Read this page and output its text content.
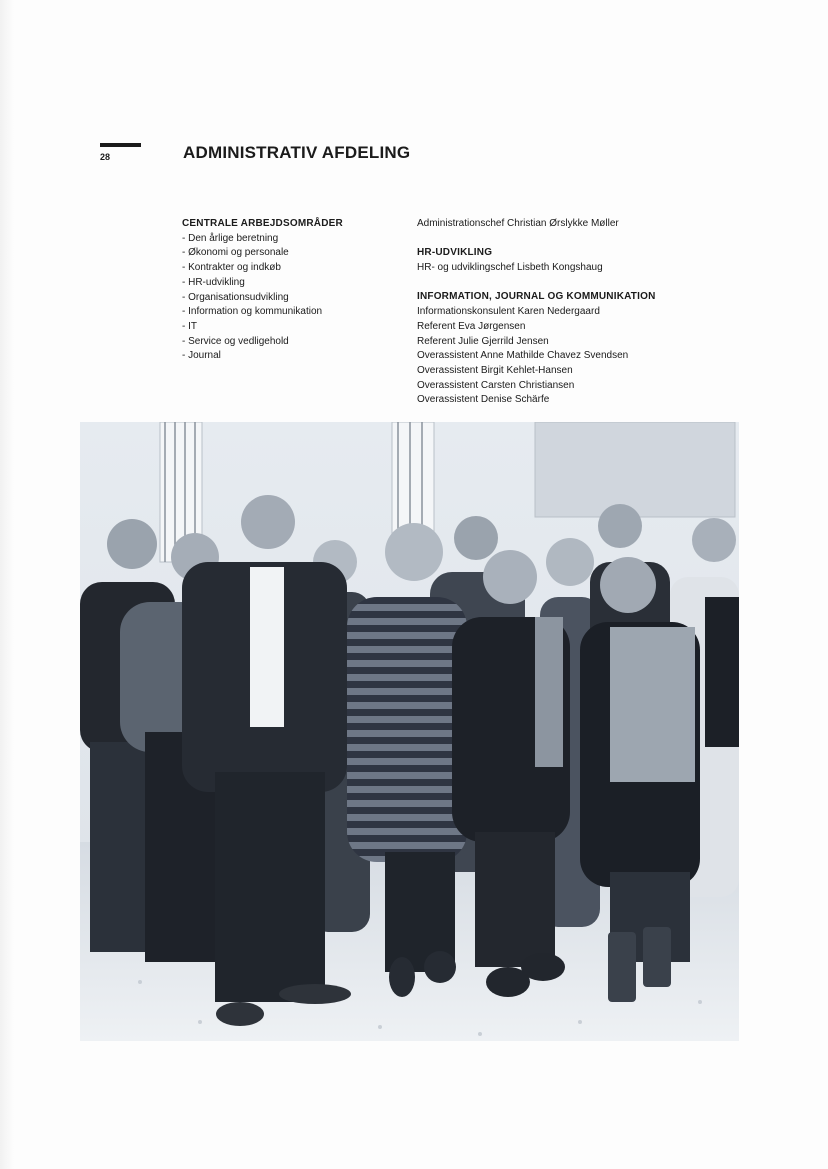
28	ADMINISTRATIV AFDELING
CENTRALE ARBEJDSOMRÅDER
- Den årlige beretning
- Økonomi og personale
- Kontrakter og indkøb
- HR-udvikling
- Organisationsudvikling
- Information og kommunikation
- IT
- Service og vedligehold
- Journal
Administrationschef Christian Ørslykke Møller
HR-UDVIKLING
HR- og udviklingschef Lisbeth Kongshaug
INFORMATION, JOURNAL OG KOMMUNIKATION
Informationskonsulent Karen Nedergaard
Referent Eva Jørgensen
Referent Julie Gjerrild Jensen
Overassistent Anne Mathilde Chavez Svendsen
Overassistent Birgit Kehlet-Hansen
Overassistent Carsten Christiansen
Overassistent Denise Schärfe
